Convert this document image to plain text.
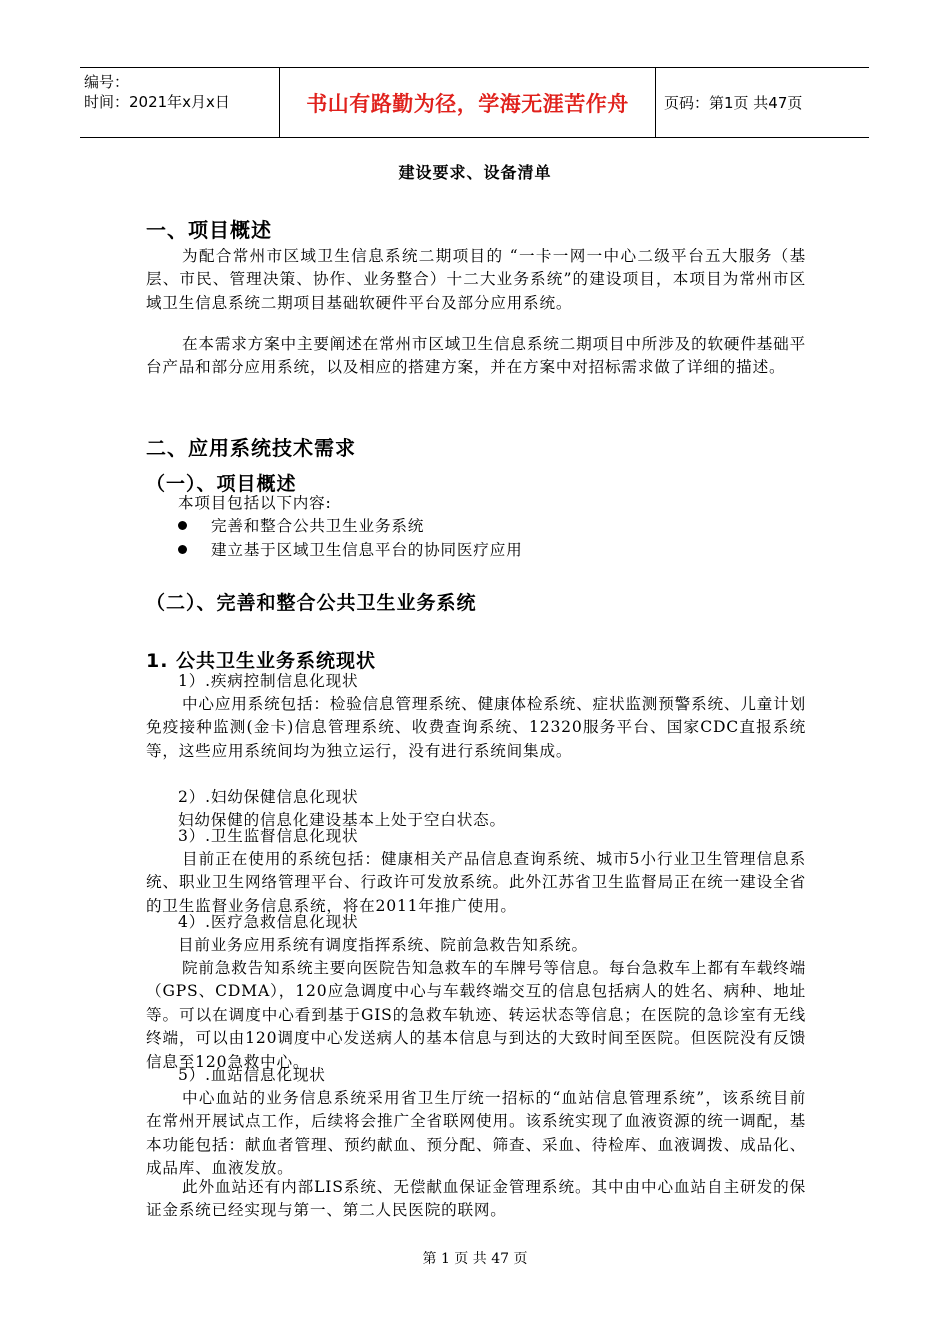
编号：
时间：2021年x月x日	书山有路勤为径，学海无涯苦作舟	页码：第1页 共47页
建设要求、设备清单
一、项目概述
为配合常州市区域卫生信息系统二期项目的 “一卡一网一中心二级平台五大服务（基层、市民、管理决策、协作、业务整合）十二大业务系统”的建设项目，本项目为常州市区域卫生信息系统二期项目基础软硬件平台及部分应用系统。
在本需求方案中主要阐述在常州市区域卫生信息系统二期项目中所涉及的软硬件基础平台产品和部分应用系统，以及相应的搭建方案，并在方案中对招标需求做了详细的描述。
二、应用系统技术需求
（一）、项目概述
本项目包括以下内容:
完善和整合公共卫生业务系统
建立基于区域卫生信息平台的协同医疗应用
（二）、完善和整合公共卫生业务系统
1. 公共卫生业务系统现状
1）.疾病控制信息化现状
中心应用系统包括：检验信息管理系统、健康体检系统、症状监测预警系统、儿童计划免疫接种监测(金卡)信息管理系统、收费查询系统、12320服务平台、国家CDC直报系统等，这些应用系统间均为独立运行，没有进行系统间集成。
2）.妇幼保健信息化现状
妇幼保健的信息化建设基本上处于空白状态。
3）.卫生监督信息化现状
目前正在使用的系统包括：健康相关产品信息查询系统、城市5小行业卫生管理信息系统、职业卫生网络管理平台、行政许可发放系统。此外江苏省卫生监督局正在统一建设全省的卫生监督业务信息系统，将在2011年推广使用。
4）.医疗急救信息化现状
目前业务应用系统有调度指挥系统、院前急救告知系统。
院前急救告知系统主要向医院告知急救车的车牌号等信息。每台急救车上都有车载终端（GPS、CDMA），120应急调度中心与车载终端交互的信息包括病人的姓名、病种、地址等。可以在调度中心看到基于GIS的急救车轨迹、转运状态等信息；在医院的急诊室有无线终端，可以由120调度中心发送病人的基本信息与到达的大致时间至医院。但医院没有反馈信息至120急救中心。
5）.血站信息化现状
中心血站的业务信息系统采用省卫生厅统一招标的“血站信息管理系统”，该系统目前在常州开展试点工作，后续将会推广全省联网使用。该系统实现了血液资源的统一调配，基本功能包括：献血者管理、预约献血、预分配、筛查、采血、待检库、血液调拨、成品化、成品库、血液发放。
此外血站还有内部LIS系统、无偿献血保证金管理系统。其中由中心血站自主研发的保证金系统已经实现与第一、第二人民医院的联网。
第 1 页 共 47 页
